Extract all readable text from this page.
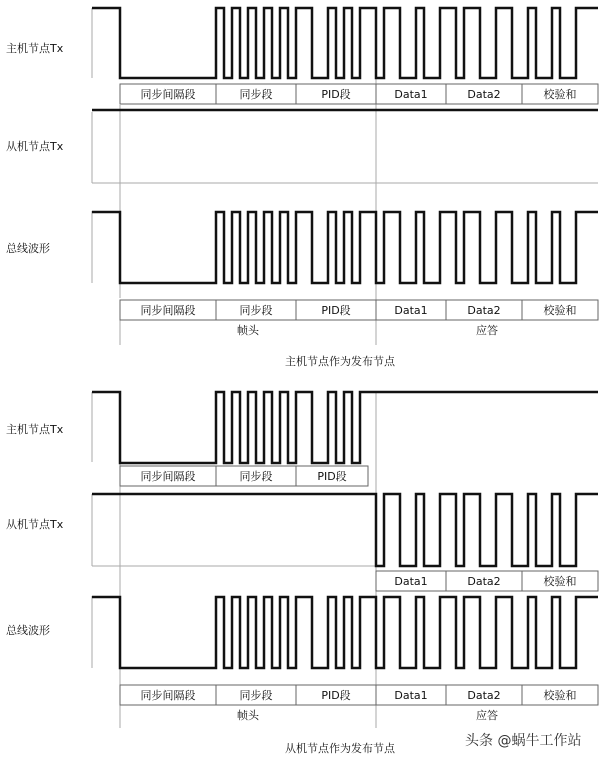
主机节点Tx
从机节点Tx
总线波形
同步间隔段	同步段	PID段	Data1	Data2	校验和
同步间隔段	同步段	PID段	Data1	Data2	校验和
帧头	应答
主机节点作为发布节点
主机节点Tx
从机节点Tx
总线波形
同步间隔段	同步段	PID段
Data1	Data2	校验和
同步间隔段	同步段	PID段	Data1	Data2	校验和
帧头	应答
从机节点作为发布节点	头条 @蜗牛工作站
